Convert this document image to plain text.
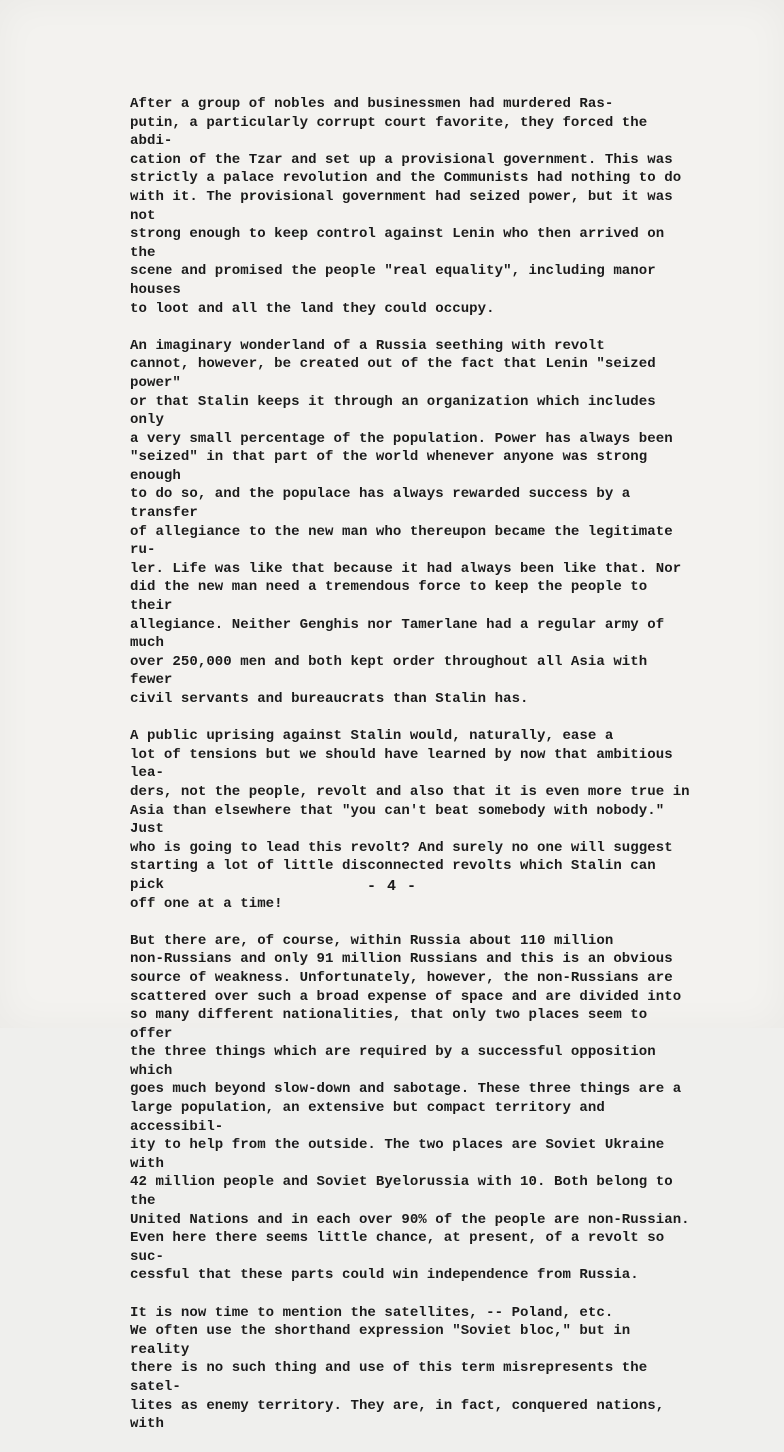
After a group of nobles and businessmen had murdered Ras-
putin, a particularly corrupt court favorite, they forced the abdi-
cation of the Tzar and set up a provisional government. This was
strictly a palace revolution and the Communists had nothing to do
with it. The provisional government had seized power, but it was not
strong enough to keep control against Lenin who then arrived on the
scene and promised the people "real equality", including manor houses
to loot and all the land they could occupy.

An imaginary wonderland of a Russia seething with revolt
cannot, however, be created out of the fact that Lenin "seized power"
or that Stalin keeps it through an organization which includes only
a very small percentage of the population. Power has always been
"seized" in that part of the world whenever anyone was strong enough
to do so, and the populace has always rewarded success by a transfer
of allegiance to the new man who thereupon became the legitimate ru-
ler. Life was like that because it had always been like that. Nor
did the new man need a tremendous force to keep the people to their
allegiance. Neither Genghis nor Tamerlane had a regular army of much
over 250,000 men and both kept order throughout all Asia with fewer
civil servants and bureaucrats than Stalin has.

A public uprising against Stalin would, naturally, ease a
lot of tensions but we should have learned by now that ambitious lea-
ders, not the people, revolt and also that it is even more true in
Asia than elsewhere that "you can't beat somebody with nobody." Just
who is going to lead this revolt? And surely no one will suggest
starting a lot of little disconnected revolts which Stalin can pick
off one at a time!

But there are, of course, within Russia about 110 million
non-Russians and only 91 million Russians and this is an obvious
source of weakness. Unfortunately, however, the non-Russians are
scattered over such a broad expense of space and are divided into
so many different nationalities, that only two places seem to offer
the three things which are required by a successful opposition which
goes much beyond slow-down and sabotage. These three things are a
large population, an extensive but compact territory and accessibil-
ity to help from the outside. The two places are Soviet Ukraine with
42 million people and Soviet Byelorussia with 10. Both belong to the
United Nations and in each over 90% of the people are non-Russian.
Even here there seems little chance, at present, of a revolt so suc-
cessful that these parts could win independence from Russia.

It is now time to mention the satellites, -- Poland, etc.
We often use the shorthand expression "Soviet bloc," but in reality
there is no such thing and use of this term misrepresents the satel-
lites as enemy territory. They are, in fact, conquered nations, with

- 4 -
